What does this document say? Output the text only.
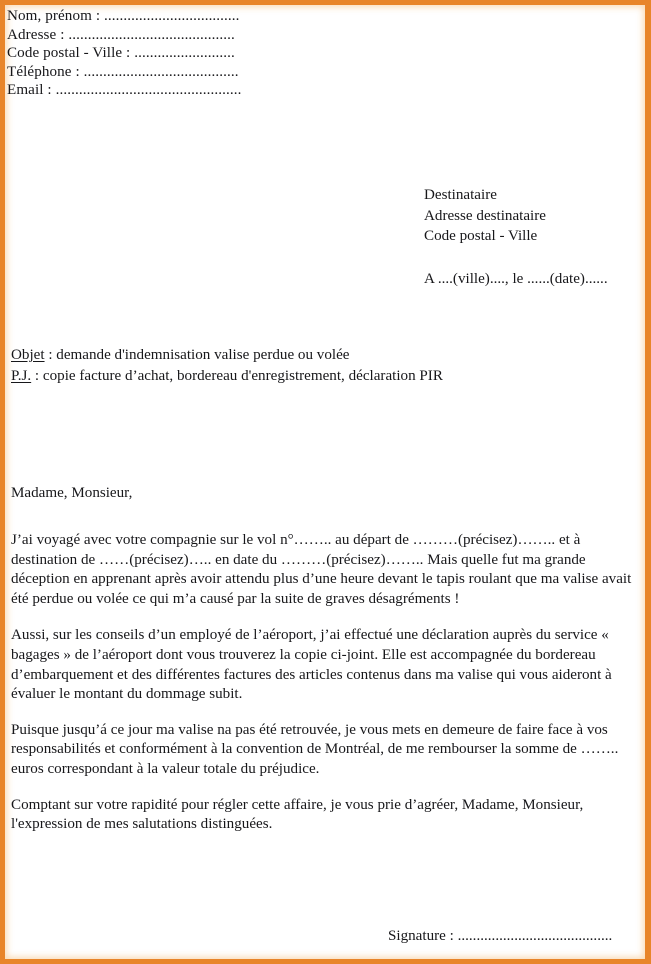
Nom, prénom : ...................................
Adresse : ...........................................
Code postal - Ville : ..........................
Téléphone : ........................................
Email : ................................................
Destinataire
Adresse destinataire
Code postal - Ville
A ....(ville)...., le ......(date)......
Objet : demande d'indemnisation valise perdue ou volée
P.J. : copie facture d’achat, bordereau d'enregistrement, déclaration PIR
Madame, Monsieur,

J’ai voyagé avec votre compagnie sur le vol n°…….. au départ de ………(précisez)…….. et à destination de ……(précisez)….. en date du ………(précisez)…….. Mais quelle fut ma grande déception en apprenant après avoir attendu plus d’une heure devant le tapis roulant que ma valise avait été perdue ou volée ce qui m’a causé par la suite de graves désagréments !

Aussi, sur les conseils d’un employé de l’aéroport, j’ai effectué une déclaration auprès du service « bagages » de l’aéroport dont vous trouverez la copie ci-joint. Elle est accompagnée du bordereau d’embarquement et des différentes factures des articles contenus dans ma valise qui vous aideront à évaluer le montant du dommage subit.

Puisque jusqu’á ce jour ma valise na pas été retrouvée, je vous mets en demeure de faire face à vos responsabilités et conformément à la convention de Montréal, de me rembourser la somme de …….. euros correspondant à la valeur totale du préjudice.

Comptant sur votre rapidité pour régler cette affaire, je vous prie d’agréer, Madame, Monsieur, l'expression de mes salutations distinguées.

Signature : .........................................
